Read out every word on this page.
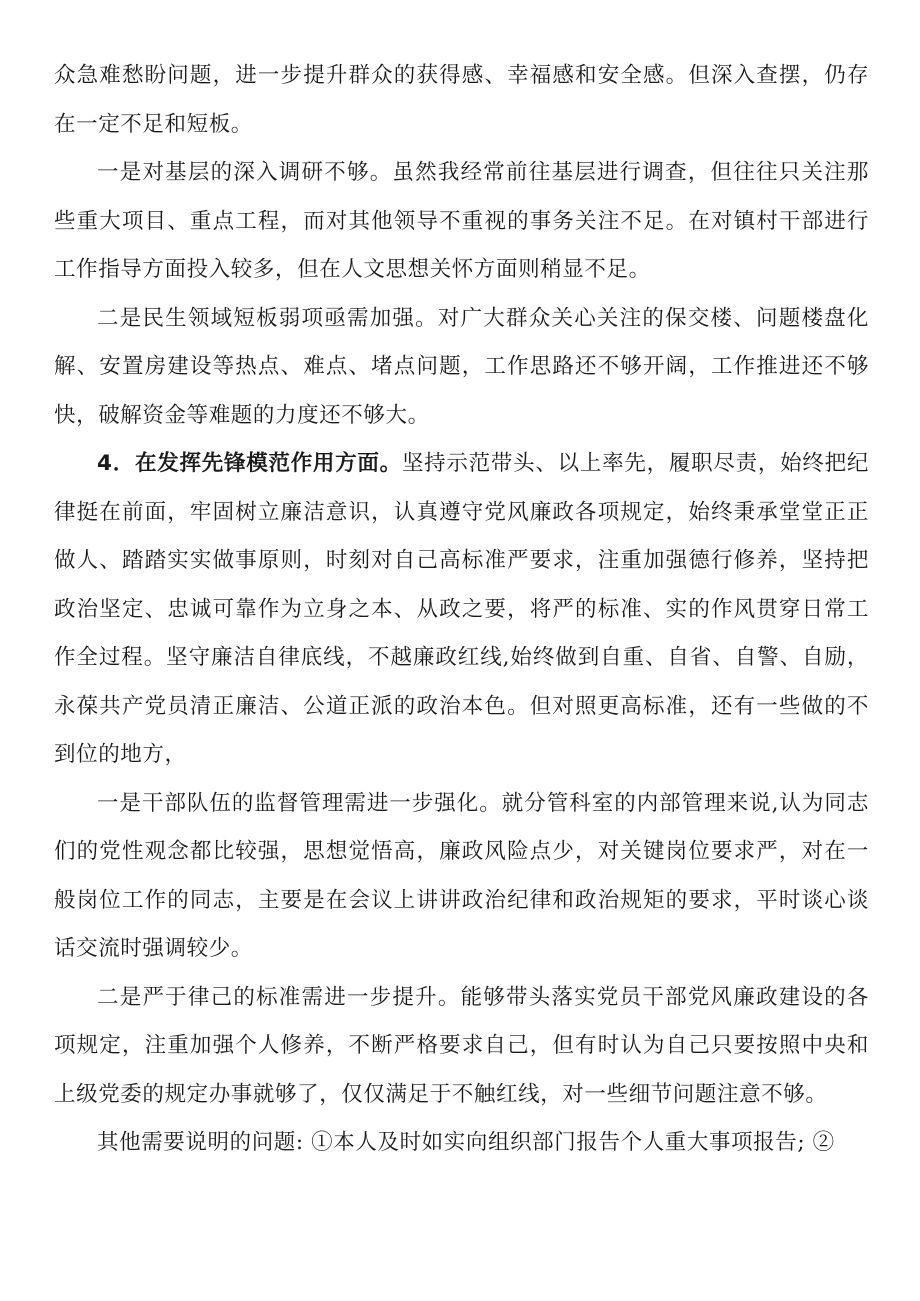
众急难愁盼问题，进一步提升群众的获得感、幸福感和安全感。但深入查摆，仍存在一定不足和短板。

一是对基层的深入调研不够。虽然我经常前往基层进行调查，但往往只关注那些重大项目、重点工程，而对其他领导不重视的事务关注不足。在对镇村干部进行工作指导方面投入较多，但在人文思想关怀方面则稍显不足。

二是民生领域短板弱项亟需加强。对广大群众关心关注的保交楼、问题楼盘化解、安置房建设等热点、难点、堵点问题，工作思路还不够开阔，工作推进还不够快，破解资金等难题的力度还不够大。

4．在发挥先锋模范作用方面。坚持示范带头、以上率先，履职尽责，始终把纪律挺在前面，牢固树立廉洁意识，认真遵守党风廉政各项规定，始终秉承堂堂正正做人、踏踏实实做事原则，时刻对自己高标准严要求，注重加强德行修养，坚持把政治坚定、忠诚可靠作为立身之本、从政之要，将严的标准、实的作风贯穿日常工作全过程。坚守廉洁自律底线，不越廉政红线,始终做到自重、自省、自警、自励，永葆共产党员清正廉洁、公道正派的政治本色。但对照更高标准，还有一些做的不到位的地方，

一是干部队伍的监督管理需进一步强化。就分管科室的内部管理来说,认为同志们的党性观念都比较强，思想觉悟高，廉政风险点少，对关键岗位要求严，对在一般岗位工作的同志，主要是在会议上讲讲政治纪律和政治规矩的要求，平时谈心谈话交流时强调较少。

二是严于律己的标准需进一步提升。能够带头落实党员干部党风廉政建设的各项规定，注重加强个人修养，不断严格要求自己，但有时认为自己只要按照中央和上级党委的规定办事就够了，仅仅满足于不触红线，对一些细节问题注意不够。

其他需要说明的问题: ①本人及时如实向组织部门报告个人重大事项报告; ②
